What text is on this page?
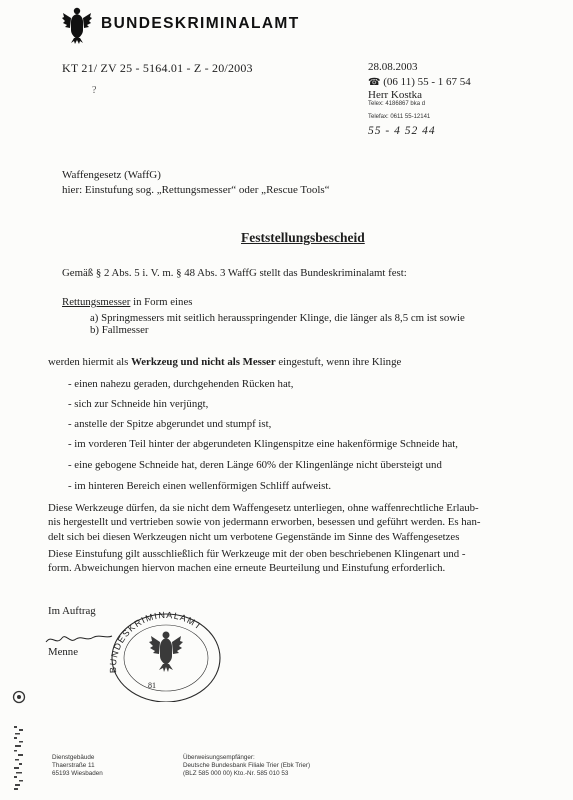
BUNDESKRIMINALAMT
KT 21/ ZV 25 - 5164.01 - Z - 20/2003
?
28.08.2003
☎ (06 11) 55 - 1 67 54
Herr Kostka
Telex: 4186867 bka d
Telefax: 0611 55-12141
55 - 4 52 44
Waffengesetz (WaffG)
hier: Einstufung sog. „Rettungsmesser“ oder „Rescue Tools“
Feststellungsbescheid
Gemäß § 2 Abs. 5 i. V. m. § 48 Abs. 3 WaffG stellt das Bundeskriminalamt fest:
Rettungsmesser in Form eines
a) Springmessers mit seitlich herausspringender Klinge, die länger als 8,5 cm ist sowie
b) Fallmesser
werden hiermit als Werkzeug und nicht als Messer eingestuft, wenn ihre Klinge
- einen nahezu geraden, durchgehenden Rücken hat,
- sich zur Schneide hin verjüngt,
- anstelle der Spitze abgerundet und stumpf ist,
- im vorderen Teil hinter der abgerundeten Klingenspitze eine hakenförmige Schneide hat,
- eine gebogene Schneide hat, deren Länge 60% der Klingenlänge nicht übersteigt und
- im hinteren Bereich einen wellenförmigen Schliff aufweist.
Diese Werkzeuge dürfen, da sie nicht dem Waffengesetz unterliegen, ohne waffenrechtliche Erlaub-
nis hergestellt und vertrieben sowie von jedermann erworben, besessen und geführt werden. Es han-
delt sich bei diesen Werkzeugen nicht um verbotene Gegenstände im Sinne des Waffengesetzes
Diese Einstufung gilt ausschließlich für Werkzeuge mit der oben beschriebenen Klingenart und -
form. Abweichungen hiervon machen eine erneute Beurteilung und Einstufung erforderlich.
Im Auftrag
Menne
BUNDESKRIMINALAMT
81
Dienstgebäude
Thaerstraße 11
65193 Wiesbaden
Überweisungsempfänger:
Deutsche Bundesbank Filiale Trier (Ebk Trier)
(BLZ 585 000 00) Kto.-Nr. 585 010 53
